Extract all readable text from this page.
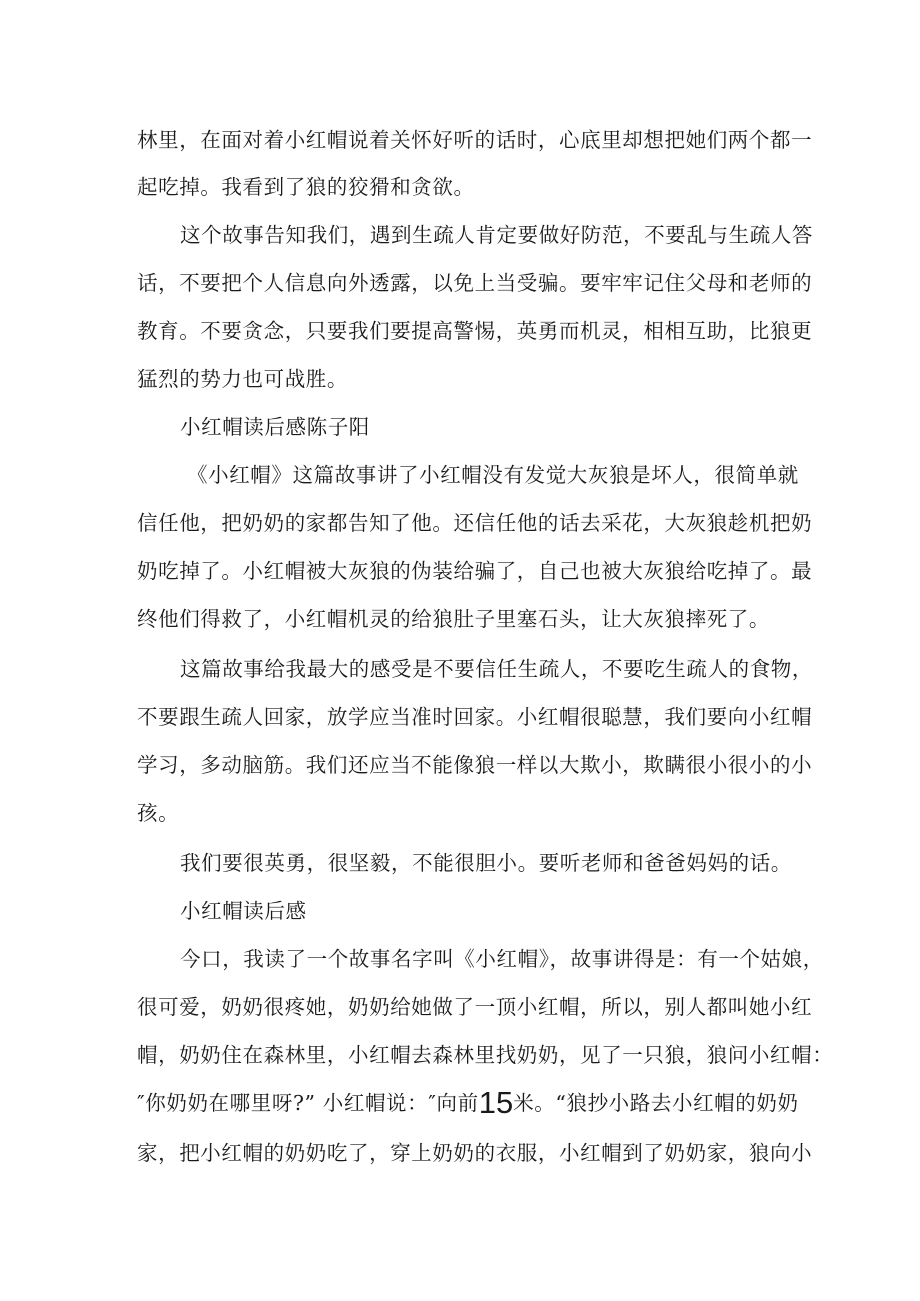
林里，在面对着小红帽说着关怀好听的话时，心底里却想把她们两个都一
起吃掉。我看到了狼的狡猾和贪欲。
这个故事告知我们，遇到生疏人肯定要做好防范，不要乱与生疏人答
话，不要把个人信息向外透露，以免上当受骗。要牢牢记住父母和老师的
教育。不要贪念，只要我们要提高警惕，英勇而机灵，相相互助，比狼更
猛烈的势力也可战胜。
小红帽读后感陈子阳
《小红帽》这篇故事讲了小红帽没有发觉大灰狼是坏人，很简单就
信任他，把奶奶的家都告知了他。还信任他的话去采花，大灰狼趁机把奶
奶吃掉了。小红帽被大灰狼的伪装给骗了，自己也被大灰狼给吃掉了。最
终他们得救了，小红帽机灵的给狼肚子里塞石头，让大灰狼摔死了。
这篇故事给我最大的感受是不要信任生疏人，不要吃生疏人的食物，
不要跟生疏人回家，放学应当准时回家。小红帽很聪慧，我们要向小红帽
学习，多动脑筋。我们还应当不能像狼一样以大欺小，欺瞒很小很小的小
孩。
我们要很英勇，很坚毅，不能很胆小。要听老师和爸爸妈妈的话。
小红帽读后感
今口，我读了一个故事名字叫《小红帽》，故事讲得是：有一个姑娘，
很可爱，奶奶很疼她，奶奶给她做了一顶小红帽，所以，别人都叫她小红
帽，奶奶住在森林里，小红帽去森林里找奶奶，见了一只狼，狼问小红帽：
″你奶奶在哪里呀?” 小红帽说：″向前15米。“狼抄小路去小红帽的奶奶
家，把小红帽的奶奶吃了，穿上奶奶的衣服，小红帽到了奶奶家，狼向小
